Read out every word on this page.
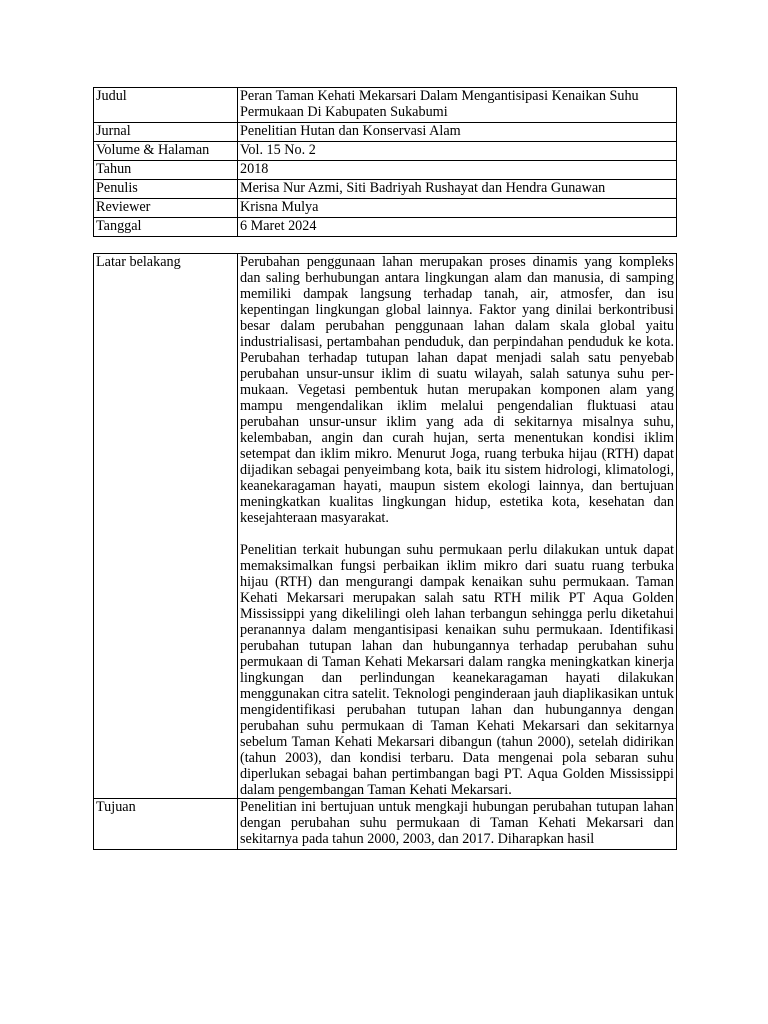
Judul	Peran Taman Kehati Mekarsari Dalam Mengantisipasi Kenaikan Suhu Permukaan Di Kabupaten Sukabumi
Jurnal	Penelitian Hutan dan Konservasi Alam
Volume & Halaman	Vol. 15 No. 2
Tahun	2018
Penulis	Merisa Nur Azmi, Siti Badriyah Rushayat dan Hendra Gunawan
Reviewer	Krisna Mulya
Tanggal	6 Maret 2024
Latar belakang	Perubahan penggunaan lahan merupakan proses dinamis yang kompleks dan saling berhubungan antara lingkungan alam dan manusia, di samping memiliki dampak langsung terhadap tanah, air, atmosfer, dan isu kepentingan lingkungan global lainnya. Faktor yang dinilai berkontribusi besar dalam perubahan penggunaan lahan dalam skala global yaitu industrialisasi, pertambahan penduduk, dan perpindahan penduduk ke kota. Perubahan terhadap tutupan lahan dapat menjadi salah satu penyebab perubahan unsur-unsur iklim di suatu wilayah, salah satunya suhu per-mukaan. Vegetasi pembentuk hutan merupakan komponen alam yang mampu mengendalikan iklim melalui pengendalian fluktuasi atau perubahan unsur-unsur iklim yang ada di sekitarnya misalnya suhu, kelembaban, angin dan curah hujan, serta menentukan kondisi iklim setempat dan iklim mikro. Menurut Joga, ruang terbuka hijau (RTH) dapat dijadikan sebagai penyeimbang kota, baik itu sistem hidrologi, klimatologi, keanekaragaman hayati, maupun sistem ekologi lainnya, dan bertujuan meningkatkan kualitas lingkungan hidup, estetika kota, kesehatan dan kesejahteraan masyarakat.

Penelitian terkait hubungan suhu permukaan perlu dilakukan untuk dapat memaksimalkan fungsi perbaikan iklim mikro dari suatu ruang terbuka hijau (RTH) dan mengurangi dampak kenaikan suhu permukaan. Taman Kehati Mekarsari merupakan salah satu RTH milik PT Aqua Golden Mississippi yang dikelilingi oleh lahan terbangun sehingga perlu diketahui peranannya dalam mengantisipasi kenaikan suhu permukaan. Identifikasi perubahan tutupan lahan dan hubungannya terhadap perubahan suhu permukaan di Taman Kehati Mekarsari dalam rangka meningkatkan kinerja lingkungan dan perlindungan keanekaragaman hayati dilakukan menggunakan citra satelit. Teknologi penginderaan jauh diaplikasikan untuk mengidentifikasi perubahan tutupan lahan dan hubungannya dengan perubahan suhu permukaan di Taman Kehati Mekarsari dan sekitarnya sebelum Taman Kehati Mekarsari dibangun (tahun 2000), setelah didirikan (tahun 2003), dan kondisi terbaru. Data mengenai pola sebaran suhu diperlukan sebagai bahan pertimbangan bagi PT. Aqua Golden Mississippi dalam pengembangan Taman Kehati Mekarsari.

Tujuan	Penelitian ini bertujuan untuk mengkaji hubungan perubahan tutupan lahan dengan perubahan suhu permukaan di Taman Kehati Mekarsari dan sekitarnya pada tahun 2000, 2003, dan 2017. Diharapkan hasil
